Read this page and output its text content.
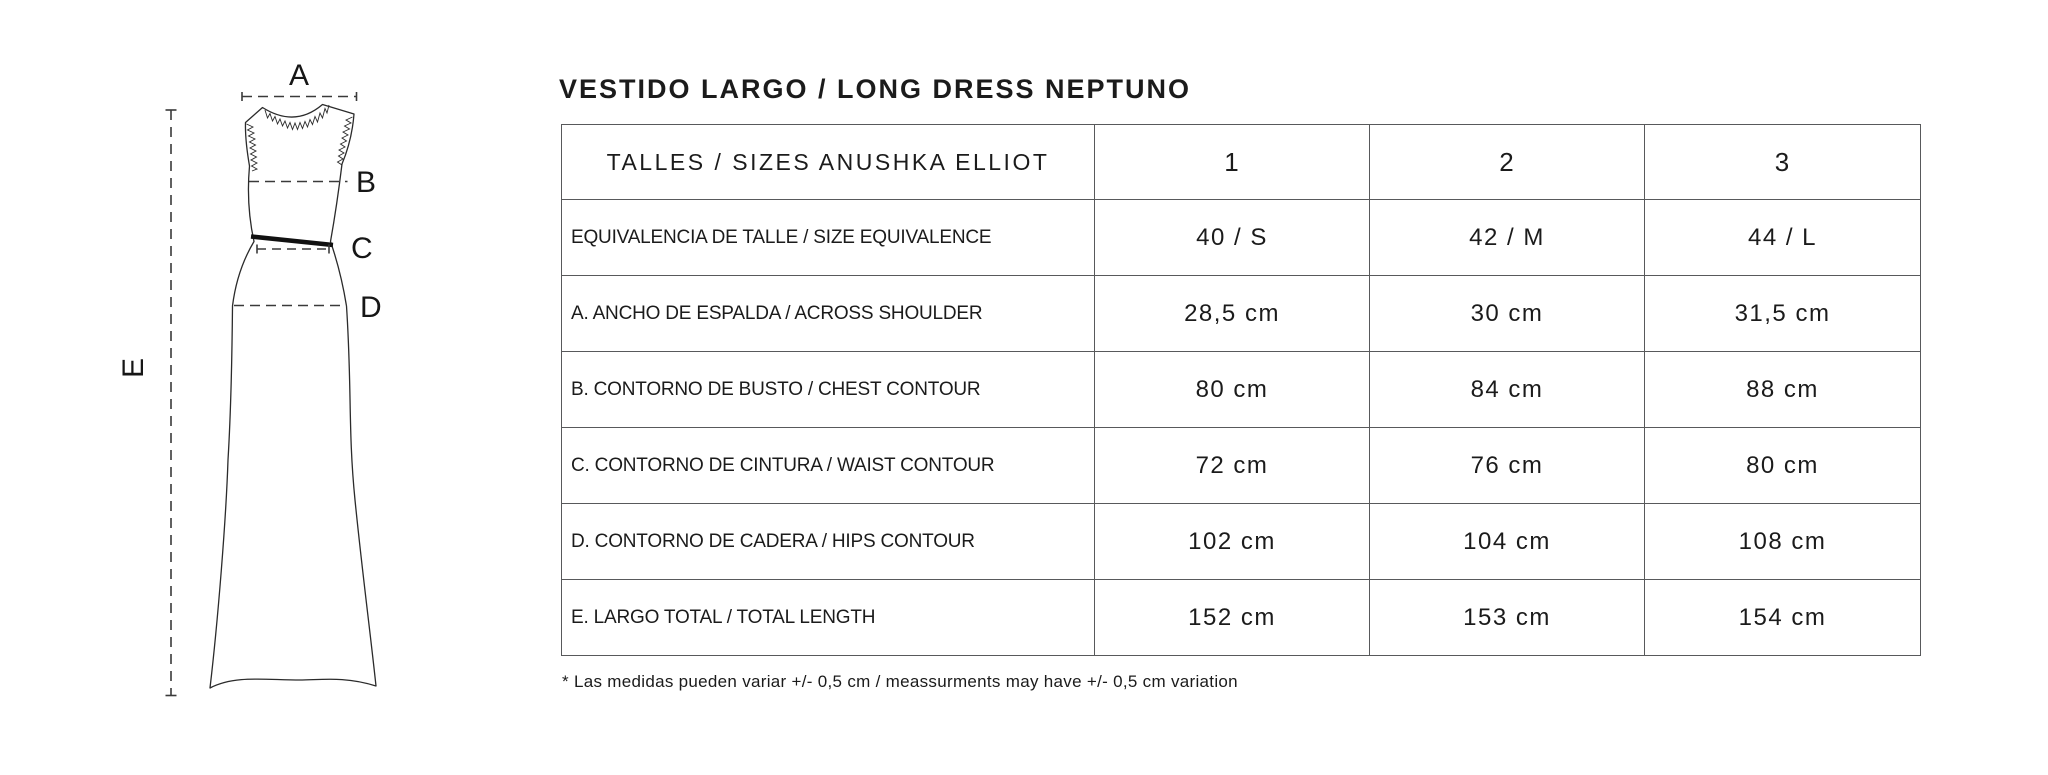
A
B
C
D
E
VESTIDO LARGO / LONG DRESS NEPTUNO
TALLES / SIZES ANUSHKA ELLIOT	1	2	3
EQUIVALENCIA DE TALLE / SIZE EQUIVALENCE	40 / S	42 / M	44 / L
A. ANCHO DE ESPALDA / ACROSS SHOULDER	28,5 cm	30 cm	31,5 cm
B. CONTORNO DE BUSTO / CHEST CONTOUR	80 cm	84 cm	88 cm
C. CONTORNO DE CINTURA / WAIST CONTOUR	72 cm	76 cm	80 cm
D. CONTORNO DE CADERA / HIPS CONTOUR	102 cm	104 cm	108 cm
E. LARGO TOTAL / TOTAL LENGTH	152 cm	153 cm	154 cm
* Las medidas pueden variar +/- 0,5 cm / meassurments may have +/- 0,5 cm variation
